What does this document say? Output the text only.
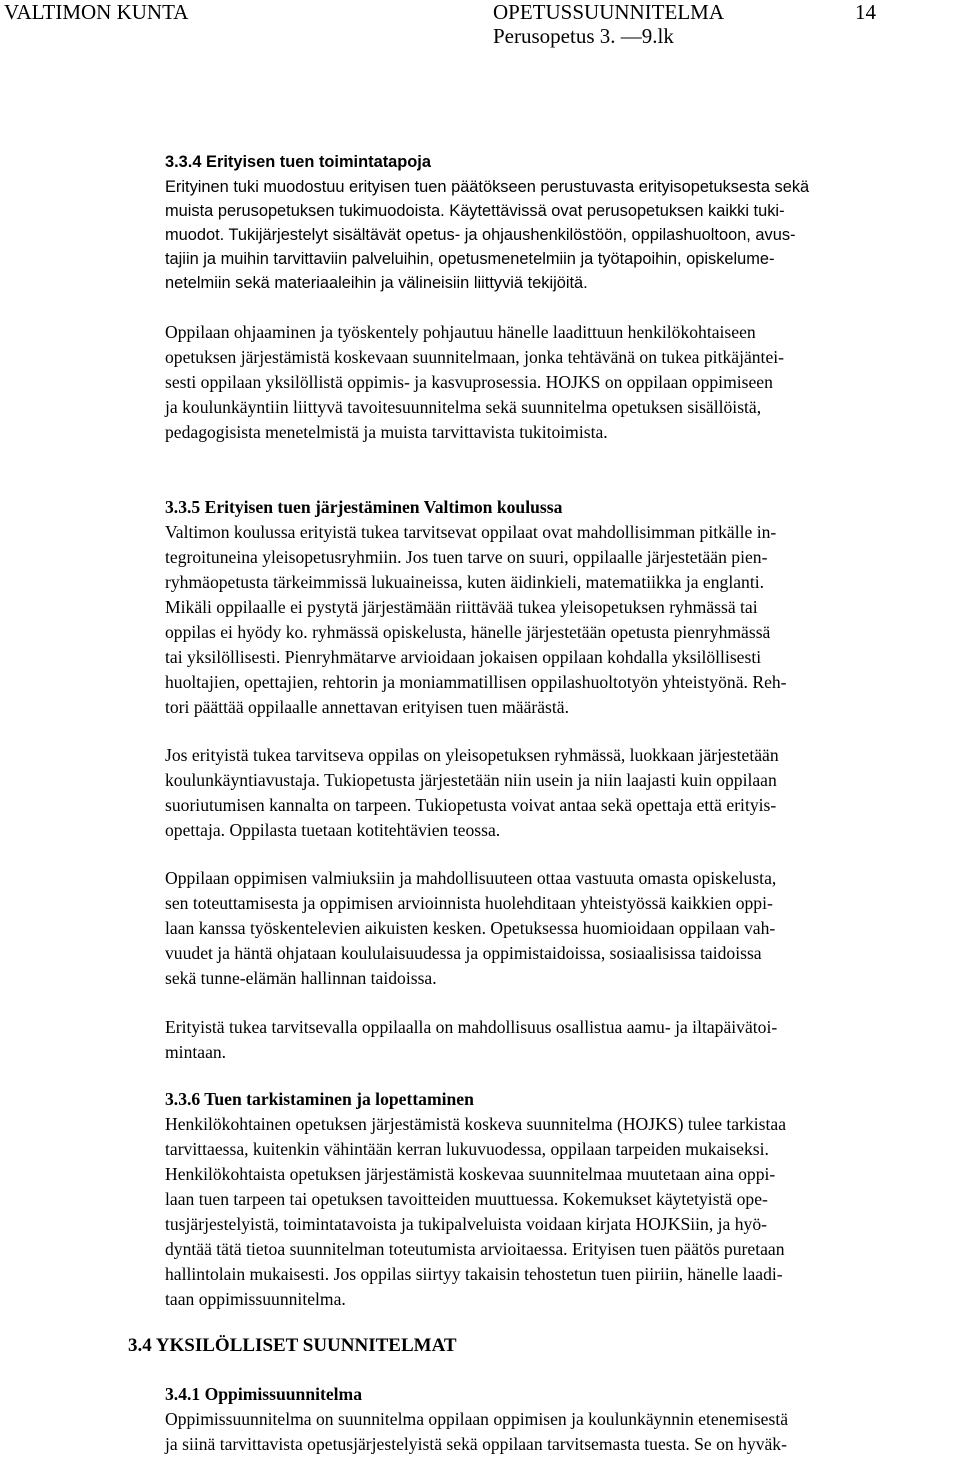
VALTIMON KUNTA	OPETUSSUUNNITELMA	14
Perusopetus 3. —9.lk
3.3.4 Erityisen tuen toimintatapoja
Erityinen tuki muodostuu erityisen tuen päätökseen perustuvasta erityisopetuksesta sekä
muista perusopetuksen tukimuodoista. Käytettävissä ovat perusopetuksen kaikki tuki-
muodot. Tukijärjestelyt sisältävät opetus- ja ohjaushenkilöstöön, oppilashuoltoon, avus-
tajiin ja muihin tarvittaviin palveluihin, opetusmenetelmiin ja työtapoihin, opiskelume-
netelmiin sekä materiaaleihin ja välineisiin liittyviä tekijöitä.
Oppilaan ohjaaminen ja työskentely pohjautuu hänelle laadittuun henkilökohtaiseen
opetuksen järjestämistä koskevaan suunnitelmaan, jonka tehtävänä on tukea pitkäjäntei-
sesti oppilaan yksilöllistä oppimis- ja kasvuprosessia. HOJKS on oppilaan oppimiseen
ja koulunkäyntiin liittyvä tavoitesuunnitelma sekä suunnitelma opetuksen sisällöistä,
pedagogisista menetelmistä ja muista tarvittavista tukitoimista.
3.3.5 Erityisen tuen järjestäminen Valtimon koulussa
Valtimon koulussa erityistä tukea tarvitsevat oppilaat ovat mahdollisimman pitkälle in-
tegroituneina yleisopetusryhmiin. Jos tuen tarve on suuri, oppilaalle järjestetään pien-
ryhmäopetusta tärkeimmissä lukuaineissa, kuten äidinkieli, matematiikka ja englanti.
Mikäli oppilaalle ei pystytä järjestämään riittävää tukea yleisopetuksen ryhmässä tai
oppilas ei hyödy ko. ryhmässä opiskelusta, hänelle järjestetään opetusta pienryhmässä
tai yksilöllisesti. Pienryhmätarve arvioidaan jokaisen oppilaan kohdalla yksilöllisesti
huoltajien, opettajien, rehtorin ja moniammatillisen oppilashuoltotyön yhteistyönä. Reh-
tori päättää oppilaalle annettavan erityisen tuen määrästä.
Jos erityistä tukea tarvitseva oppilas on yleisopetuksen ryhmässä, luokkaan järjestetään
koulunkäyntiavustaja. Tukiopetusta järjestetään niin usein ja niin laajasti kuin oppilaan
suoriutumisen kannalta on tarpeen. Tukiopetusta voivat antaa sekä opettaja että erityis-
opettaja. Oppilasta tuetaan kotitehtävien teossa.
Oppilaan oppimisen valmiuksiin ja mahdollisuuteen ottaa vastuuta omasta opiskelusta,
sen toteuttamisesta ja oppimisen arvioinnista huolehditaan yhteistyössä kaikkien oppi-
laan kanssa työskentelevien aikuisten kesken. Opetuksessa huomioidaan oppilaan vah-
vuudet ja häntä ohjataan koululaisuudessa ja oppimistaidoissa, sosiaalisissa taidoissa
sekä tunne-elämän hallinnan taidoissa.
Erityistä tukea tarvitsevalla oppilaalla on mahdollisuus osallistua aamu- ja iltapäivätoi-
mintaan.
3.3.6 Tuen tarkistaminen ja lopettaminen
Henkilökohtainen opetuksen järjestämistä koskeva suunnitelma (HOJKS) tulee tarkistaa
tarvittaessa, kuitenkin vähintään kerran lukuvuodessa, oppilaan tarpeiden mukaiseksi.
Henkilökohtaista opetuksen järjestämistä koskevaa suunnitelmaa muutetaan aina oppi-
laan tuen tarpeen tai opetuksen tavoitteiden muuttuessa. Kokemukset käytetyistä ope-
tusjärjestelyistä, toimintatavoista ja tukipalveluista voidaan kirjata HOJKSiin, ja hyö-
dyntää tätä tietoa suunnitelman toteutumista arvioitaessa. Erityisen tuen päätös puretaan
hallintolain mukaisesti. Jos oppilas siirtyy takaisin tehostetun tuen piiriin, hänelle laadi-
taan oppimissuunnitelma.
3.4 YKSILÖLLISET SUUNNITELMAT
3.4.1 Oppimissuunnitelma
Oppimissuunnitelma on suunnitelma oppilaan oppimisen ja koulunkäynnin etenemisestä
ja siinä tarvittavista opetusjärjestelyistä sekä oppilaan tarvitsemasta tuesta. Se on hyväk-
